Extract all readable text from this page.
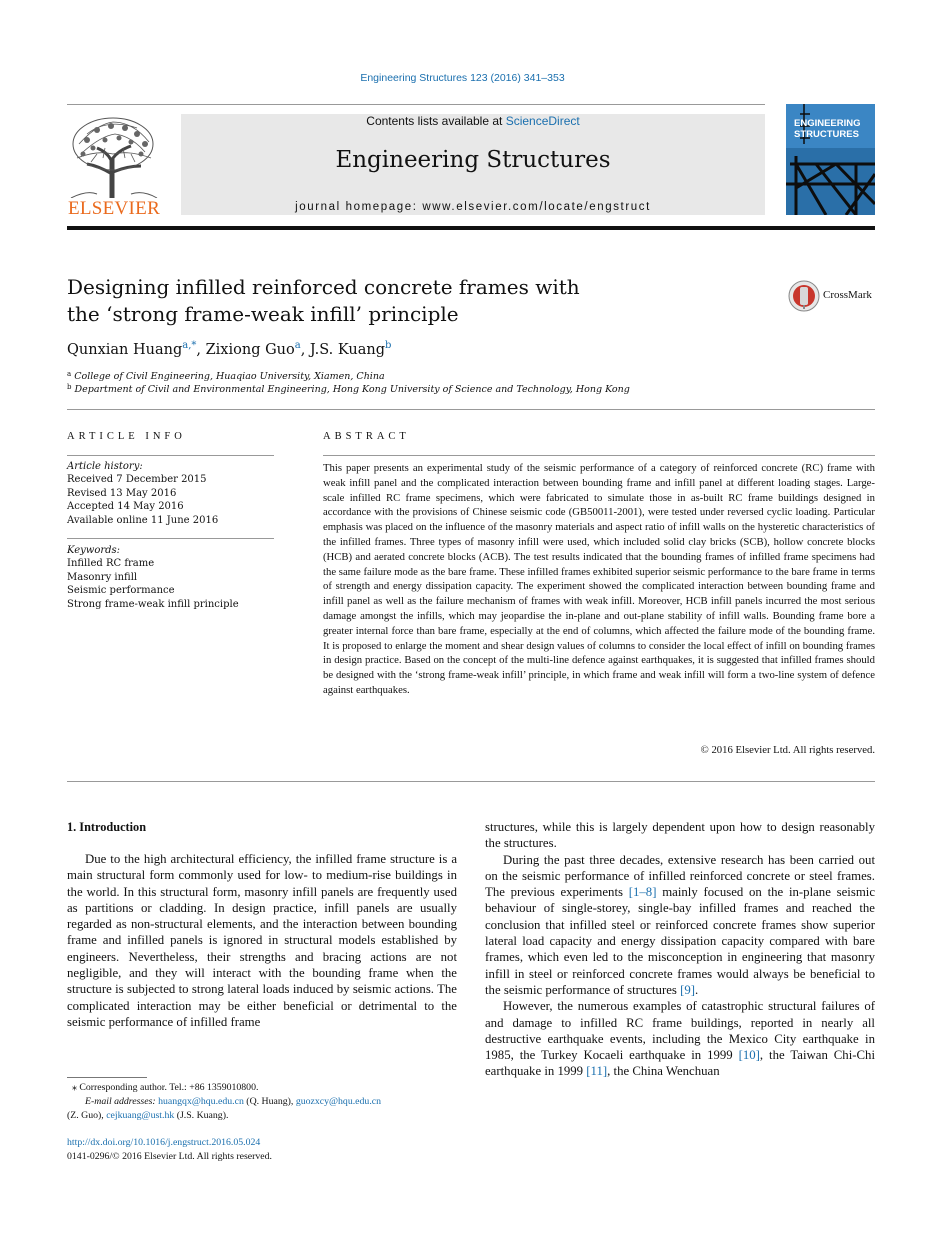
Engineering Structures 123 (2016) 341–353
ELSEVIER
Contents lists available at ScienceDirect
Engineering Structures
journal homepage: www.elsevier.com/locate/engstruct
ENGINEERING
STRUCTURES
Designing infilled reinforced concrete frames with
the ‘strong frame-weak infill’ principle
CrossMark
Qunxian Huang$^{a,*}$, Zixiong Guo$^a$, J.S. Kuang$^b$
$^a$ College of Civil Engineering, Huaqiao University, Xiamen, China
$^b$ Department of Civil and Environmental Engineering, Hong Kong University of Science and Technology, Hong Kong
ARTICLE INFO
Article history:
Received 7 December 2015
Revised 13 May 2016
Accepted 14 May 2016
Available online 11 June 2016
Keywords:
Infilled RC frame
Masonry infill
Seismic performance
Strong frame-weak infill principle
ABSTRACT
This paper presents an experimental study of the seismic performance of a category of reinforced concrete (RC) frame with weak infill panel and the complicated interaction between bounding frame and infill panel at different loading stages. Large-scale infilled RC frame specimens, which were fabricated to simulate those in as-built RC frame buildings designed in accordance with the provisions of Chinese seismic code (GB50011-2001), were tested under reversed cyclic loading. Particular emphasis was placed on the influence of the masonry materials and aspect ratio of infill walls on the hysteretic characteristics of the infilled frames. Three types of masonry infill were used, which included solid clay bricks (SCB), hollow concrete blocks (HCB) and aerated concrete blocks (ACB). The test results indicated that the bounding frames of infilled frame specimens had the same failure mode as the bare frame. These infilled frames exhibited superior seismic performance to the bare frame in terms of strength and energy dissipation capacity. The experiment showed the complicated interaction between bounding frame and infill panel as well as the failure mechanism of frames with weak infill. Moreover, HCB infill panels incurred the most serious damage amongst the infills, which may jeopardise the in-plane and out-plane stability of infill walls. Bounding frame bore a greater internal force than bare frame, especially at the end of columns, which affected the failure mode of the bounding frame. It is proposed to enlarge the moment and shear design values of columns to consider the local effect of infill on bounding frames in design practice. Based on the concept of the multi-line defence against earthquakes, it is suggested that infilled frames should be designed with the ‘strong frame-weak infill’ principle, in which frame and weak infill will form a two-line system of defence against earthquakes.
© 2016 Elsevier Ltd. All rights reserved.
1. Introduction

Due to the high architectural efficiency, the infilled frame structure is a main structural form commonly used for low- to medium-rise buildings in the world. In this structural form, masonry infill panels are frequently used as partitions or cladding. In design practice, infill panels are usually regarded as non-structural elements, and the interaction between bounding frame and infilled panels is ignored in structural models established by engineers. Nevertheless, their strengths and bracing actions are not negligible, and they will interact with the bounding frame when the structure is subjected to strong lateral loads induced by seismic actions. The complicated interaction may be either beneficial or detrimental to the seismic performance of infilled frame

structures, while this is largely dependent upon how to design reasonably the structures.

During the past three decades, extensive research has been carried out on the seismic performance of infilled reinforced concrete or steel frames. The previous experiments [1–8] mainly focused on the in-plane seismic behaviour of single-storey, single-bay infilled frames and reached the conclusion that infilled steel or reinforced concrete frames show superior lateral load capacity and energy dissipation capacity compared with bare frames, which even led to the misconception in engineering that masonry infill in steel or reinforced concrete frames would always be beneficial to the seismic performance of structures [9].

However, the numerous examples of catastrophic structural failures of and damage to infilled RC frame buildings, reported in nearly all destructive earthquake events, including the Mexico City earthquake in 1985, the Turkey Kocaeli earthquake in 1999 [10], the Taiwan Chi-Chi earthquake in 1999 [11], the China Wenchuan

⁎ Corresponding author. Tel.: +86 1359010800.
E-mail addresses: huangqx@hqu.edu.cn (Q. Huang), guozxcy@hqu.edu.cn
(Z. Guo), cejkuang@ust.hk (J.S. Kuang).
http://dx.doi.org/10.1016/j.engstruct.2016.05.024
0141-0296/© 2016 Elsevier Ltd. All rights reserved.
